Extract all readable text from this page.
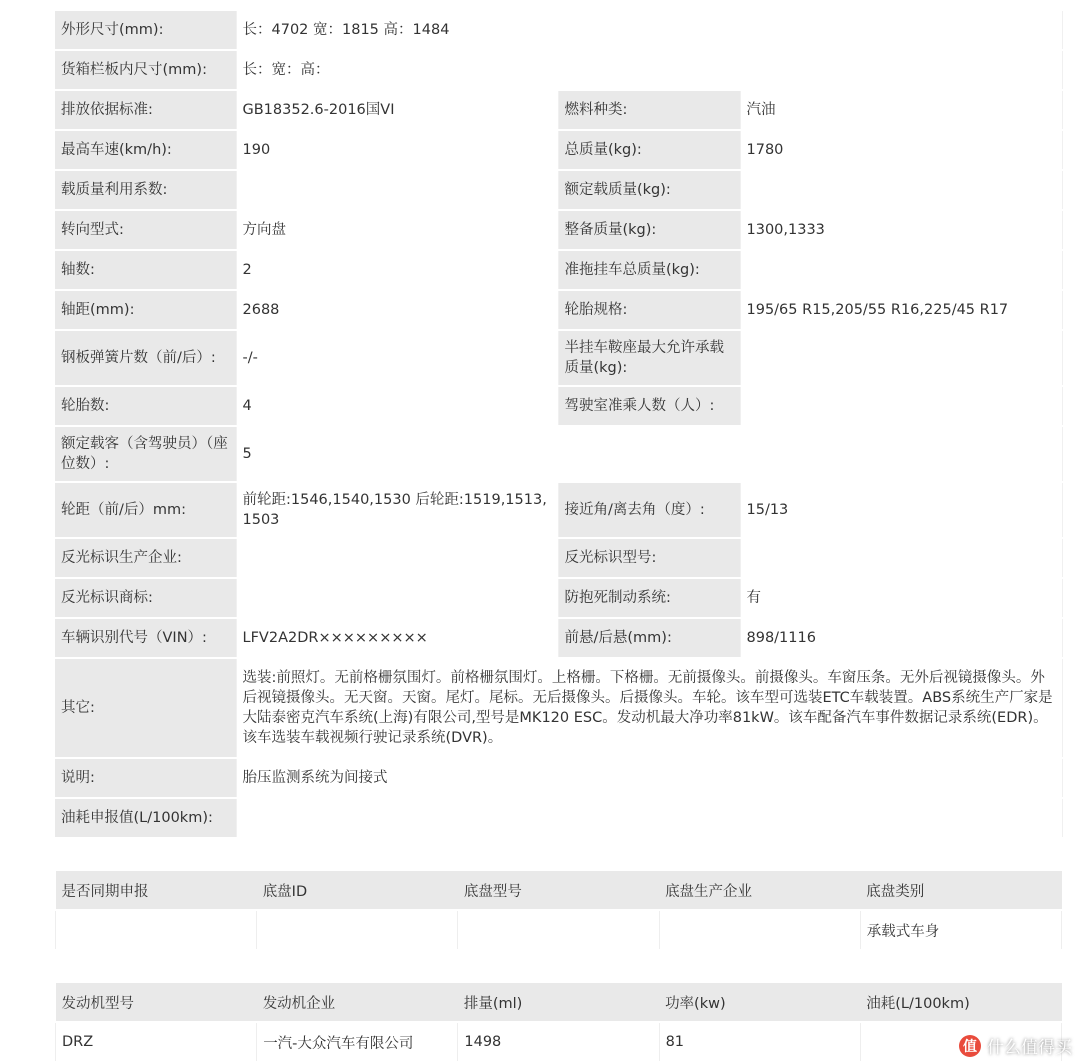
外形尺寸(mm):	长：4702 宽：1815 高：1484		
货箱栏板内尺寸(mm):	长：宽：高：		
排放依据标准:	GB18352.6-2016国VI	燃料种类:	汽油
最高车速(km/h):	190	总质量(kg):	1780
载质量利用系数:		额定载质量(kg):	
转向型式:	方向盘	整备质量(kg):	1300,1333
轴数:	2	准拖挂车总质量(kg):	
轴距(mm):	2688	轮胎规格:	195/65 R15,205/55 R16,225/45 R17
钢板弹簧片数（前/后）:	-/-	半挂车鞍座最大允许承载质量(kg):	
轮胎数:	4	驾驶室准乘人数（人）:	
额定载客（含驾驶员）（座位数）:	5		
轮距（前/后）mm:	前轮距:1546,1540,1530 后轮距:1519,1513,1503	接近角/离去角（度）:	15/13
反光标识生产企业:		反光标识型号:	
反光标识商标:		防抱死制动系统:	有
车辆识别代号（VIN）:	LFV2A2DR×××××××××	前悬/后悬(mm):	898/1116
其它:	选装:前照灯。无前格栅氛围灯。前格栅氛围灯。上格栅。下格栅。无前摄像头。前摄像头。车窗压条。无外后视镜摄像头。外后视镜摄像头。无天窗。天窗。尾灯。尾标。无后摄像头。后摄像头。车轮。该车型可选装ETC车载装置。ABS系统生产厂家是大陆泰密克汽车系统(上海)有限公司,型号是MK120 ESC。发动机最大净功率81kW。该车配备汽车事件数据记录系统(EDR)。该车选装车载视频行驶记录系统(DVR)。		
说明:	胎压监测系统为间接式		
油耗申报值(L/100km):			
是否同期申报	底盘ID	底盘型号	底盘生产企业	底盘类别
				承载式车身
发动机型号	发动机企业	排量(ml)	功率(kw)	油耗(L/100km)
DRZ	一汽-大众汽车有限公司	1498	81		值 什么值得买
